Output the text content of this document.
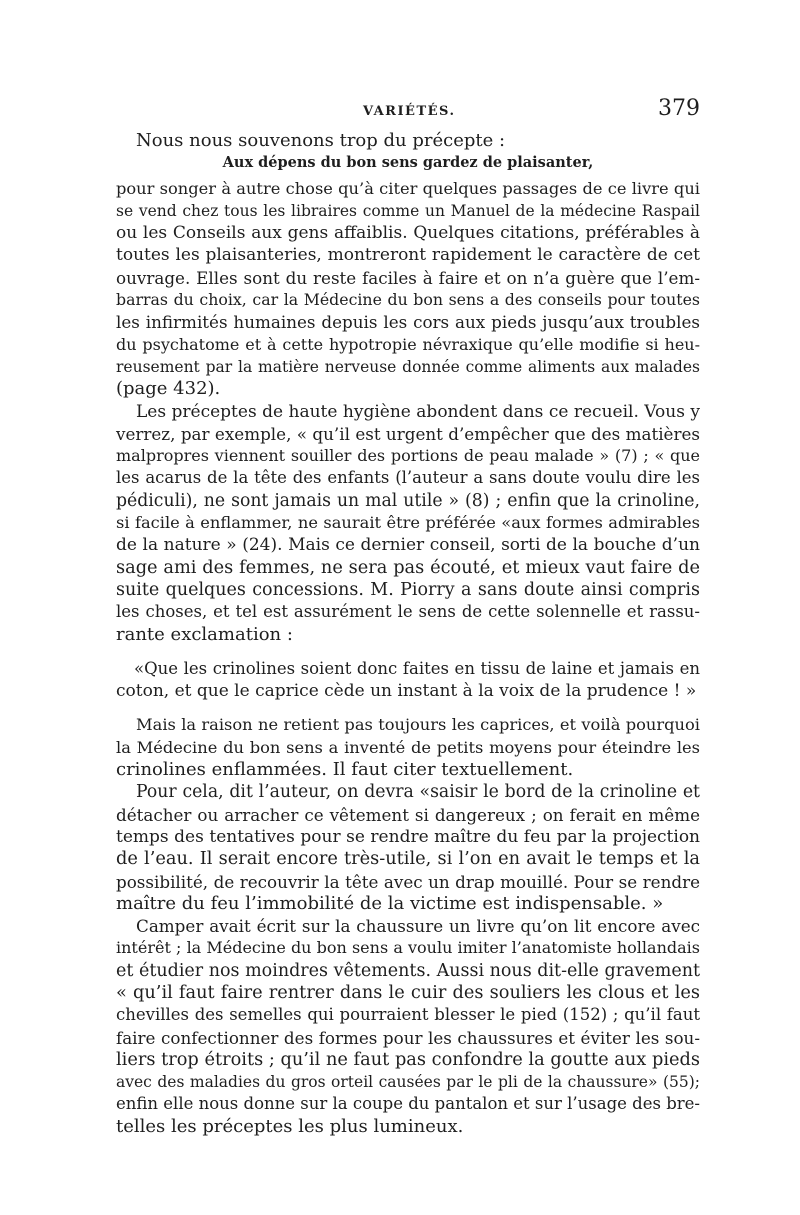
VARIÉTÉS.	379
Nous nous souvenons trop du précepte :
Aux dépens du bon sens gardez de plaisanter,
pour songer à autre chose qu’à citer quelques passages de ce livre qui
se vend chez tous les libraires comme un Manuel de la médecine Raspail
ou les Conseils aux gens affaiblis. Quelques citations, préférables à
toutes les plaisanteries, montreront rapidement le caractère de cet
ouvrage. Elles sont du reste faciles à faire et on n’a guère que l’em-
barras du choix, car la Médecine du bon sens a des conseils pour toutes
les infirmités humaines depuis les cors aux pieds jusqu’aux troubles
du psychatome et à cette hypotropie névraxique qu’elle modifie si heu-
reusement par la matière nerveuse donnée comme aliments aux malades
(page 432).
Les préceptes de haute hygiène abondent dans ce recueil. Vous y
verrez, par exemple, « qu’il est urgent d’empêcher que des matières
malpropres viennent souiller des portions de peau malade » (7) ; « que
les acarus de la tête des enfants (l’auteur a sans doute voulu dire les
pédiculi), ne sont jamais un mal utile » (8) ; enfin que la crinoline,
si facile à enflammer, ne saurait être préférée «aux formes admirables
de la nature » (24). Mais ce dernier conseil, sorti de la bouche d’un
sage ami des femmes, ne sera pas écouté, et mieux vaut faire de
suite quelques concessions. M. Piorry a sans doute ainsi compris
les choses, et tel est assurément le sens de cette solennelle et rassu-
rante exclamation :
«Que les crinolines soient donc faites en tissu de laine et jamais en
coton, et que le caprice cède un instant à la voix de la prudence ! »
Mais la raison ne retient pas toujours les caprices, et voilà pourquoi
la Médecine du bon sens a inventé de petits moyens pour éteindre les
crinolines enflammées. Il faut citer textuellement.
Pour cela, dit l’auteur, on devra «saisir le bord de la crinoline et
détacher ou arracher ce vêtement si dangereux ; on ferait en même
temps des tentatives pour se rendre maître du feu par la projection
de l’eau. Il serait encore très-utile, si l’on en avait le temps et la
possibilité, de recouvrir la tête avec un drap mouillé. Pour se rendre
maître du feu l’immobilité de la victime est indispensable. »
Camper avait écrit sur la chaussure un livre qu’on lit encore avec
intérêt ; la Médecine du bon sens a voulu imiter l’anatomiste hollandais
et étudier nos moindres vêtements. Aussi nous dit-elle gravement
« qu’il faut faire rentrer dans le cuir des souliers les clous et les
chevilles des semelles qui pourraient blesser le pied (152) ; qu’il faut
faire confectionner des formes pour les chaussures et éviter les sou-
liers trop étroits ; qu’il ne faut pas confondre la goutte aux pieds
avec des maladies du gros orteil causées par le pli de la chaussure» (55);
enfin elle nous donne sur la coupe du pantalon et sur l’usage des bre-
telles les préceptes les plus lumineux.
